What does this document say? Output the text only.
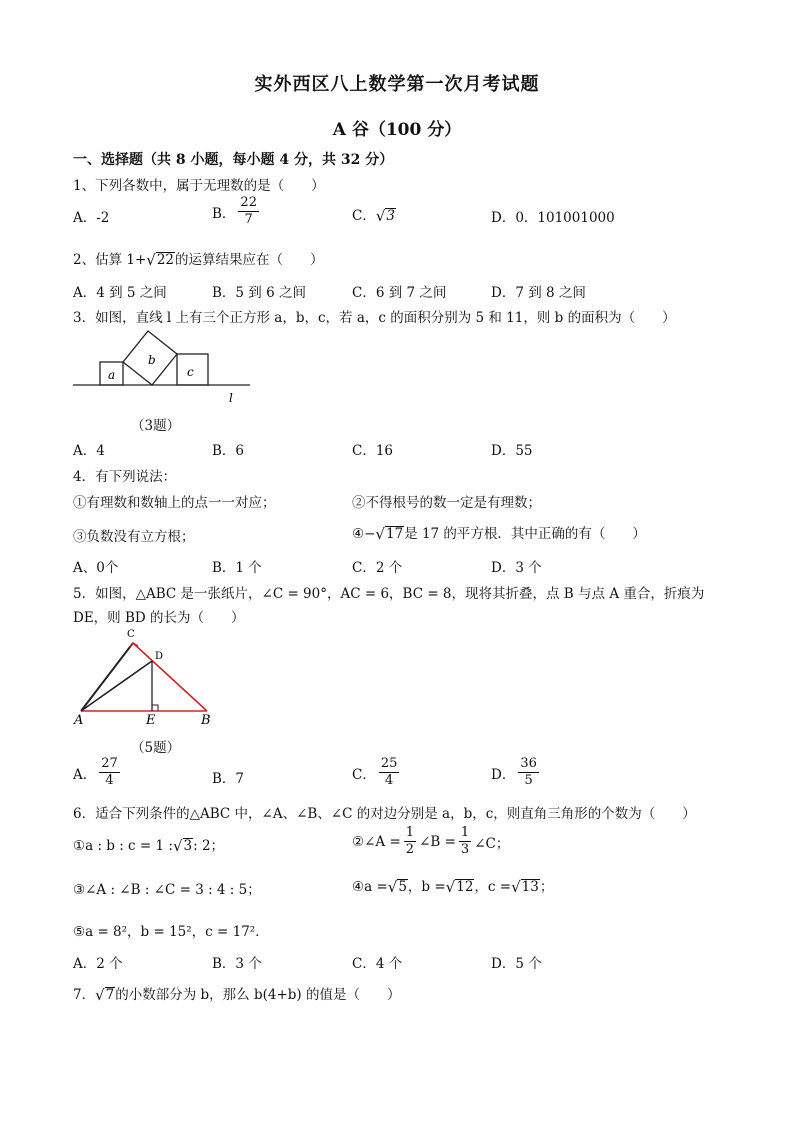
实外西区八上数学第一次月考试题
A 谷（100 分）
一、选择题（共 8 小题，每小题 4 分，共 32 分）
1、下列各数中，属于无理数的是（　　）
A．-2	B． $\frac{22}{7}$	C． √ 3	D．0．101001000
2、估算 1+ √ 22 的运算结果应在（　　）
A．4 到 5 之间	B．5 到 6 之间	C．6 到 7 之间	D．7 到 8 之间
3．如图，直线 l 上有三个正方形 a，b，c，若 a，c 的面积分别为 5 和 11，则 b 的面积为（　　）
a
b
c
l
（3题）
A．4	B．6	C．16	D．55
4．有下列说法：
①有理数和数轴上的点一一对应；	②不得根号的数一定是有理数；
③负数没有立方根；	④− √ 17 是 17 的平方根．其中正确的有（　　）
A、0个	B．1 个	C．2 个	D．3 个
5．如图，△ABC 是一张纸片，∠C = 90°，AC = 6，BC = 8，现将其折叠，点 B 与点 A 重合，折痕为
DE，则 BD 的长为（　　）
C
D
A	E	B
（5题）
A． $\frac{27}{4}$	B．7	C． $\frac{25}{4}$	D． $\frac{36}{5}$
6．适合下列条件的△ABC 中，∠A、∠B、∠C 的对边分别是 a，b，c，则直角三角形的个数为（　　）
①a : b : c = 1 : √ 3 : 2；	②∠A = $\frac{1}{2}$ ∠B = $\frac{1}{3}$ ∠C；
③∠A : ∠B : ∠C = 3 : 4 : 5；	④a = √ 5 ，b = √ 12 ，c = √ 13 ；
⑤a = 8²，b = 15²，c = 17²．
A．2 个	B．3 个	C．4 个	D．5 个
7． √ 7 的小数部分为 b，那么 b(4+b) 的值是（　　）
